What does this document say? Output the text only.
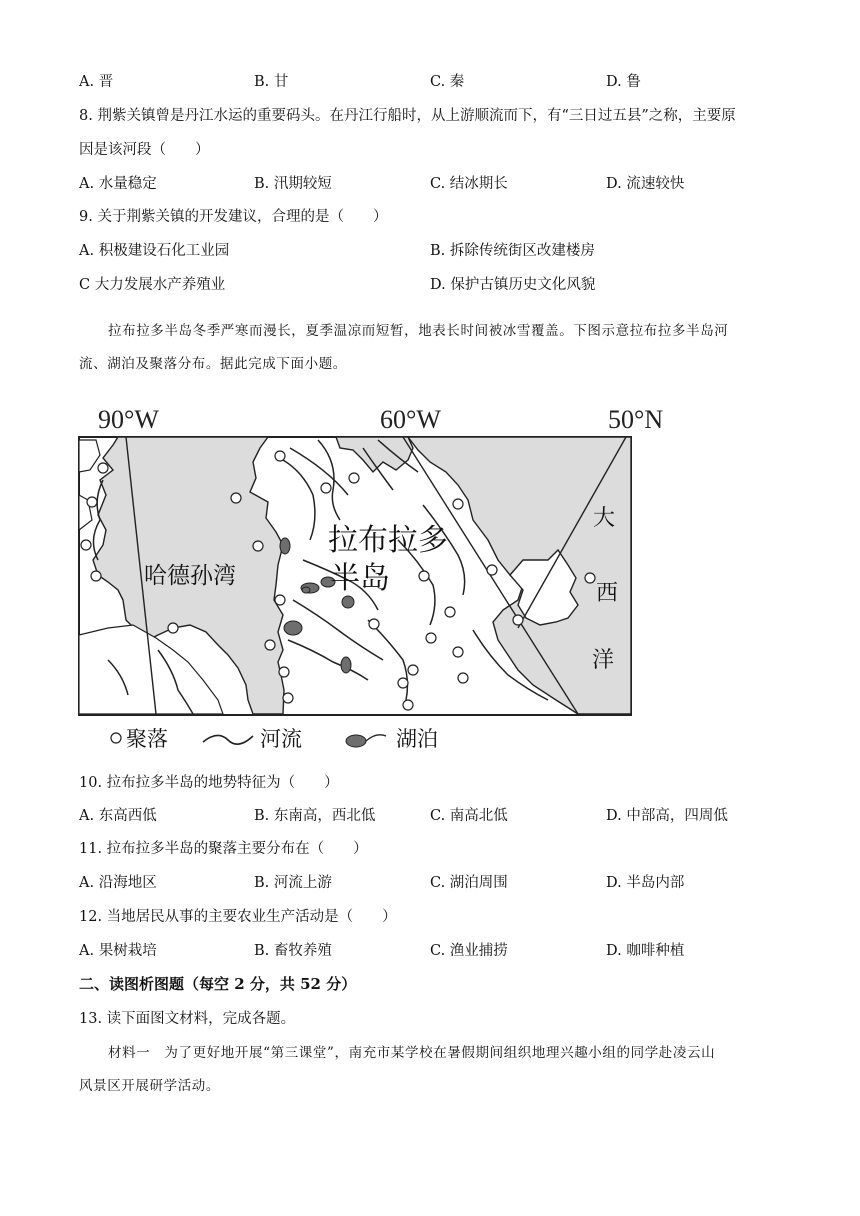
A. 晋	B. 甘	C. 秦	D. 鲁
8. 荆紫关镇曾是丹江水运的重要码头。在丹江行船时，从上游顺流而下，有“三日过五县”之称，主要原
因是该河段（　　）
A. 水量稳定	B. 汛期较短	C. 结冰期长	D. 流速较快
9. 关于荆紫关镇的开发建议，合理的是（　　）
A. 积极建设石化工业园	B. 拆除传统街区改建楼房
C 大力发展水产养殖业	D. 保护古镇历史文化风貌
拉布拉多半岛冬季严寒而漫长，夏季温凉而短暂，地表长时间被冰雪覆盖。下图示意拉布拉多半岛河
流、湖泊及聚落分布。据此完成下面小题。
90°W	60°W	50°N
拉布拉多
半岛
哈德孙湾
大
西
洋
聚落	河流	湖泊
10. 拉布拉多半岛的地势特征为（　　）
A. 东高西低	B. 东南高，西北低	C. 南高北低	D. 中部高，四周低
11. 拉布拉多半岛的聚落主要分布在（　　）
A. 沿海地区	B. 河流上游	C. 湖泊周围	D. 半岛内部
12. 当地居民从事的主要农业生产活动是（　　）
A. 果树栽培	B. 畜牧养殖	C. 渔业捕捞	D. 咖啡种植
二、读图析图题（每空 2 分，共 52 分）
13. 读下面图文材料，完成各题。
材料一　为了更好地开展“第三课堂”，南充市某学校在暑假期间组织地理兴趣小组的同学赴凌云山
风景区开展研学活动。
